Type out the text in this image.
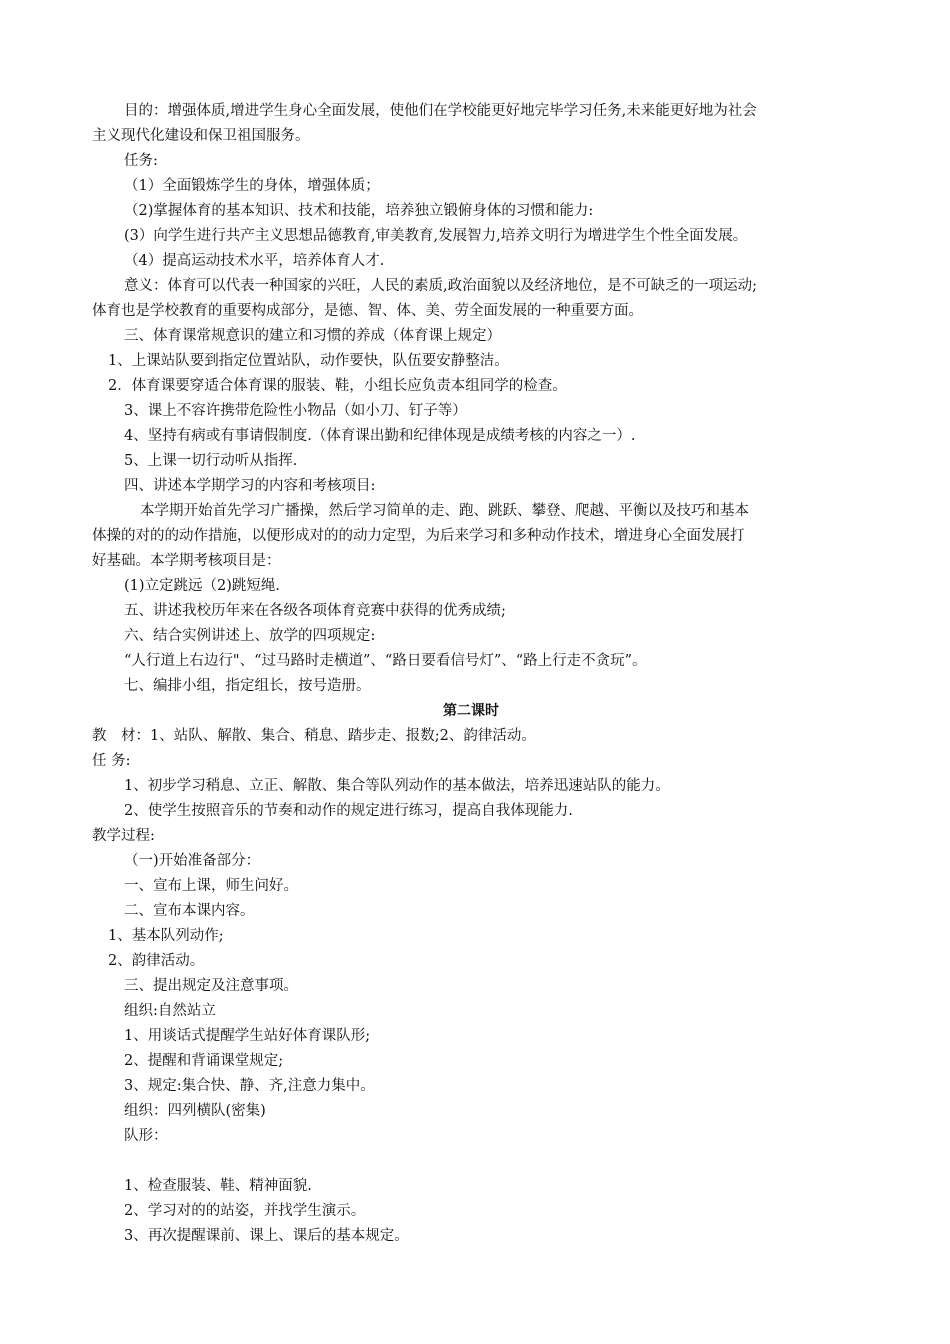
目的：增强体质,增进学生身心全面发展，使他们在学校能更好地完毕学习任务,未来能更好地为社会
主义现代化建设和保卫祖国服务。
任务:
（1）全面锻炼学生的身体，增强体质；
（2)掌握体育的基本知识、技术和技能，培养独立锻俯身体的习惯和能力:
(3）向学生进行共产主义思想品德教育,审美教育,发展智力,培养文明行为增进学生个性全面发展。
（4）提高运动技术水平，培养体育人才.
意义：体育可以代表一种国家的兴旺，人民的素质,政治面貌以及经济地位，是不可缺乏的一项运动;
体育也是学校教育的重要构成部分，是德、智、体、美、劳全面发展的一种重要方面。
三、体育课常规意识的建立和习惯的养成（体育课上规定）
1、上课站队要到指定位置站队，动作要快，队伍要安静整洁。
2．体育课要穿适合体育课的服装、鞋，小组长应负责本组同学的检查。
3、课上不容许携带危险性小物品（如小刀、钉子等）
4、坚持有病或有事请假制度.（体育课出勤和纪律体现是成绩考核的内容之一）.
5、上课一切行动听从指挥.
四、讲述本学期学习的内容和考核项目:
本学期开始首先学习广播操，然后学习简单的走、跑、跳跃、攀登、爬越、平衡以及技巧和基本
体操的对的的动作措施，以便形成对的的动力定型，为后来学习和多种动作技术，增进身心全面发展打
好基础。本学期考核项目是：
(1)立定跳远（2)跳短绳.
五、讲述我校历年来在各级各项体育竞赛中获得的优秀成绩;
六、结合实例讲述上、放学的四项规定:
“人行道上右边行"、“过马路时走横道”、“路日要看信号灯”、“路上行走不贪玩”。
七、编排小组，指定组长，按号造册。
第二课时
教　材：1、站队、解散、集合、稍息、踏步走、报数;2、韵律活动。
任 务:
1、初步学习稍息、立正、解散、集合等队列动作的基本做法，培养迅速站队的能力。
2、使学生按照音乐的节奏和动作的规定进行练习，提高自我体现能力.
教学过程:
（一)开始准备部分：
一、宣布上课，师生问好。
二、宣布本课内容。
1、基本队列动作;
2、韵律活动。
三、提出规定及注意事项。
组织:自然站立
1、用谈话式提醒学生站好体育课队形;
2、提醒和背诵课堂规定;
3、规定:集合快、静、齐,注意力集中。
组织：四列横队(密集)
队形：
1、检查服装、鞋、精神面貌.
2、学习对的的站姿，并找学生演示。
3、再次提醒课前、课上、课后的基本规定。
